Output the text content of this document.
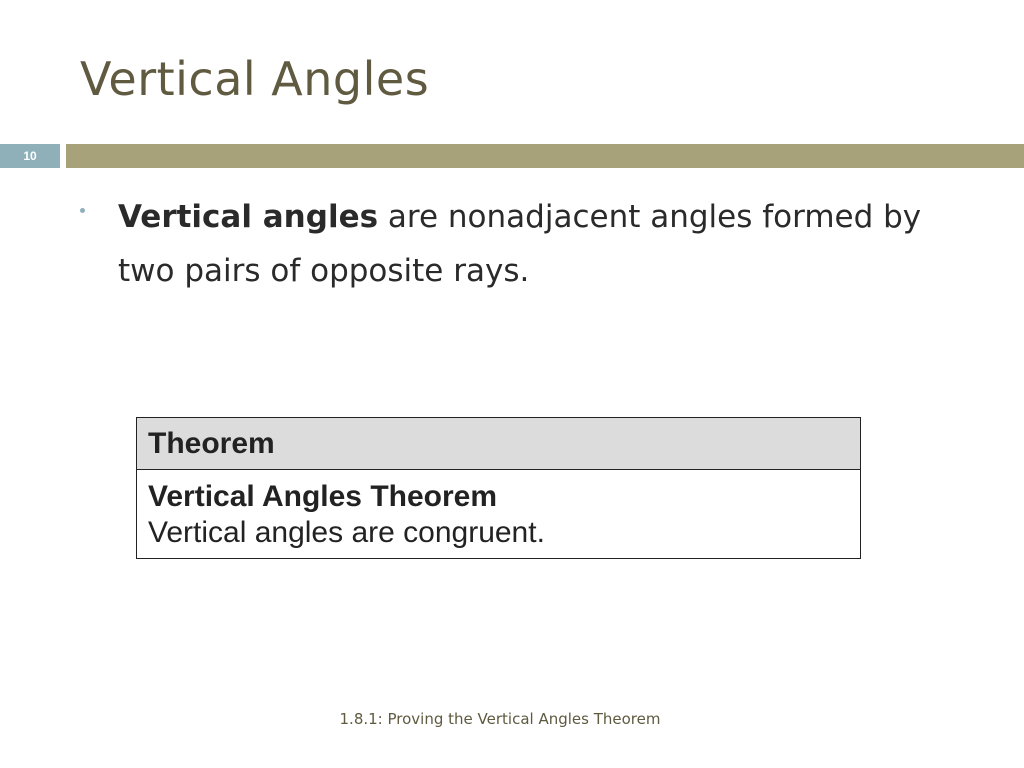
Vertical Angles
10
Vertical angles are nonadjacent angles formed by two pairs of opposite rays.
Theorem
Vertical Angles Theorem
Vertical angles are congruent.
1.8.1: Proving the Vertical Angles Theorem
